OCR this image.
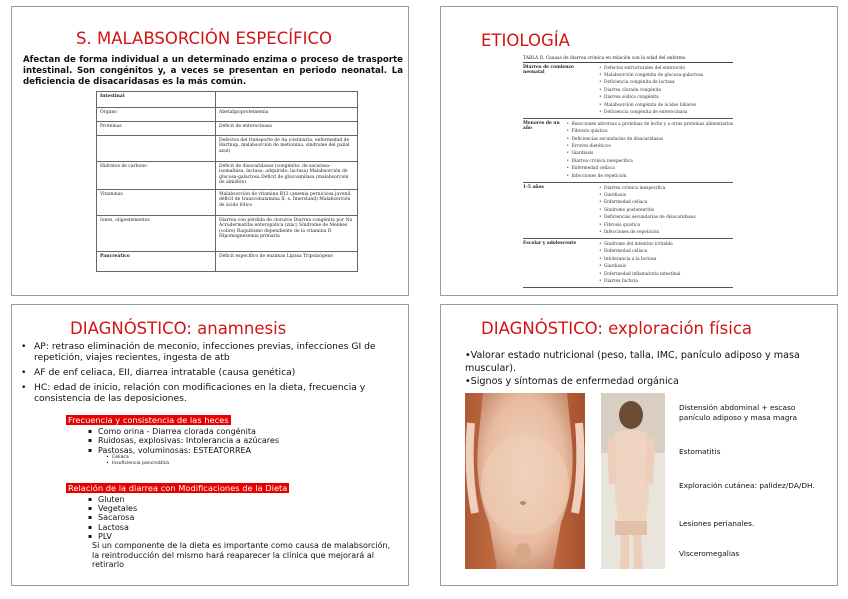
S. MALABSORCIÓN ESPECÍFICO
Afectan de forma individual a un determinado enzima o proceso de trasporte intestinal. Son congénitos y, a veces se presentan en periodo neonatal. La deficiencia de disacaridasas es la más común.
Intestinal	
Órgano	Abetalipoproteinemia
Proteínas	Déficit de enterocinasa
	Defectos del transporte de Aa (cistinuria, enfermedad de Hartnup, malabsorción de metionina, síndrome del pañal azul)
Hidratos de carbono	Déficit de disacaridasas (congénito: de sacarasa-isomaltasa, lactasa; adquirido: lactasa) Malabsorción de glucosa-galactosa Déficit de glucoamilasa (malabsorción de almidón)
Vitaminas	Malabsorción de vitamina B12 (anemia perniciosa juvenil, déficit de transcobalamina II, s. Imerslund) Malabsorción de ácido fólico
Iones, oligoelementos	Diarrea con pérdida de cloruros Diarrea congénita por Na Acrodermatitis enteropática (zinc) Síndrome de Menkes (cobre) Raquitismo dependiente de la vitamina D Hipomagnesemia primaria
Pancreático	Déficit específico de enzimas Lipasa Tripsinógeno
ETIOLOGÍA
TABLA II. Causas de diarrea crónica en relación con la edad del enfermo
Diarrea de comienzo neonatal
• Defectos estructurales del enterocito
• Malabsorción congénita de glucosa-galactosa
• Deficiencia congénita de lactasa
• Diarrea clorada congénita
• Diarrea sódica congénita
• Malabsorción congénita de ácidos biliares
• Deficiencia congénita de enterocinasa
Menores de un año
• Reacciones adversas a proteínas de leche y a otras proteínas alimentarias
• Fibrosis quística
• Deficiencias secundarias de disacaridasas
• Errores dietéticos
• Giardiasis
• Diarrea crónica inespecífica
• Enfermedad celíaca
• Infecciones de repetición
1-5 años	• Diarrea crónica inespecífica
• Giardiasis
• Enfermedad celíaca
• Síndrome postenteritis
• Deficiencias secundarias de disacaridasas
• Fibrosis quística
• Infecciones de repetición
Escolar y adolescente	• Síndrome del intestino irritable
• Enfermedad celíaca
• Intolerancia a la lactosa
• Giardiasis
• Enfermedad inflamatoria intestinal
• Diarrea facticia
DIAGNÓSTICO: anamnesis
• AP: retraso eliminación de meconio, infecciones previas, infecciones GI de repetición, viajes recientes, ingesta de atb
• AF de enf celiaca, EII, diarrea intratable (causa genética)
• HC: edad de inicio, relación con modificaciones en la dieta, frecuencia y consistencia de las deposiciones.
Frecuencia y consistencia de las heces
▪ Como orina - Diarrea clorada congénita
▪ Ruidosas, explosivas: Intolerancia a azúcares
▪ Pastosas, voluminosas: ESTEATORREA
• Celiaca
• Insuficiencia pancreática
Relación de la diarrea con Modificaciones de la Dieta
▪ Gluten
▪ Vegetales
▪ Sacarosa
▪ Lactosa
▪ PLV
Si un componente de la dieta es importante como causa de malabsorción, la reintroducción del mismo hará reaparecer la clínica que mejorará al retirarlo
DIAGNÓSTICO: exploración física
•Valorar estado nutricional (peso, talla, IMC, panículo adiposo y masa muscular).
•Signos y síntomas de enfermedad orgánica
Distensión abdominal + escaso panículo adiposo y masa magra
Estomatitis
Exploración cutánea: palidez/DA/DH.
Lesiones perianales.
Visceromegalias
